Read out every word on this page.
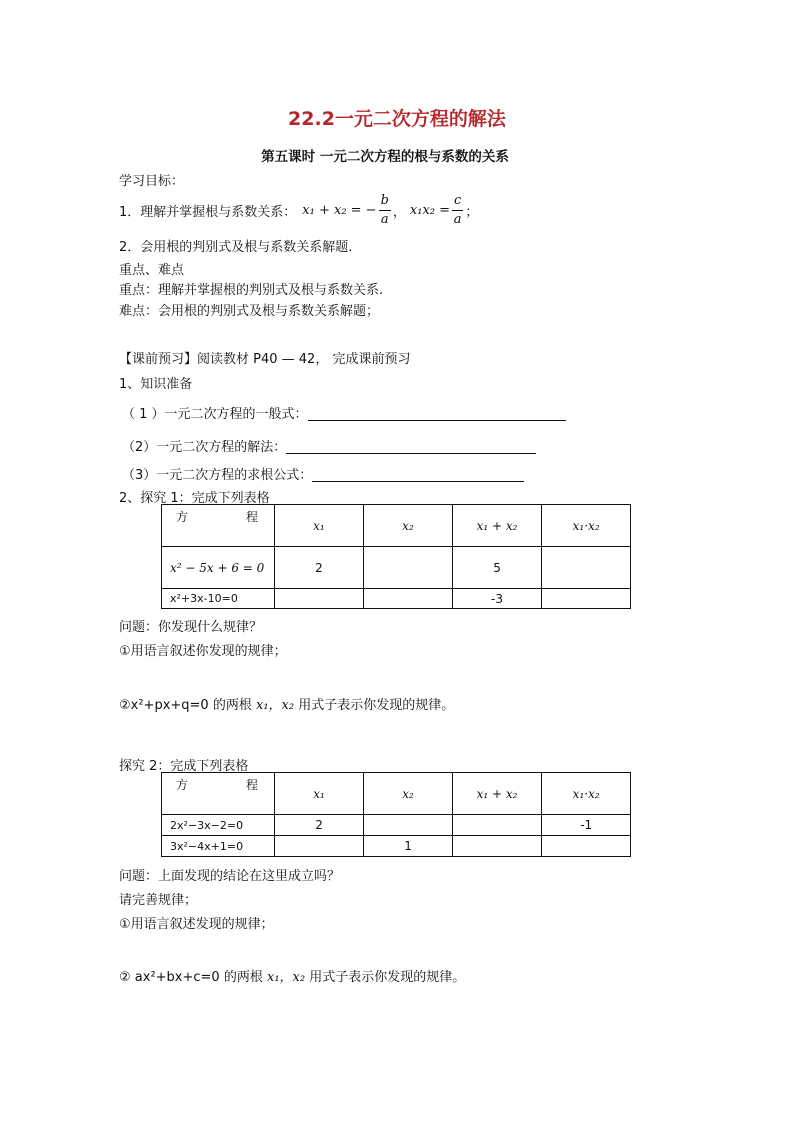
22.2一元二次方程的解法
第五课时 一元二次方程的根与系数的关系
学习目标：
1．理解并掌握根与系数关系： x₁ + x₂ = − $\frac{b}{a}$ ， $x_1x_2 = \frac{c}{a}$ ；
2．会用根的判别式及根与系数关系解题.
重点、难点
重点：理解并掌握根的判别式及根与系数关系.
难点：会用根的判别式及根与系数关系解题；
【课前预习】阅读教材 P40 — 42， 完成课前预习
1、知识准备
（ 1 ）一元二次方程的一般式：
（2）一元二次方程的解法：
（3）一元二次方程的求根公式：
2、探究 1：完成下列表格
方 程	x₁	x₂	x₁ + x₂	x₁·x₂
x² − 5x + 6 = 0	2		5	
x²+3x-10=0			-3	
问题：你发现什么规律？
①用语言叙述你发现的规律；
②x²+px+q=0 的两根 x₁，x₂ 用式子表示你发现的规律。
探究 2：完成下列表格
方 程	x₁	x₂	x₁ + x₂	x₁·x₂
2x²−3x−2=0	2			-1
3x²−4x+1=0		1		
问题：上面发现的结论在这里成立吗？
请完善规律；
①用语言叙述发现的规律；
② ax²+bx+c=0 的两根 x₁，x₂ 用式子表示你发现的规律。
